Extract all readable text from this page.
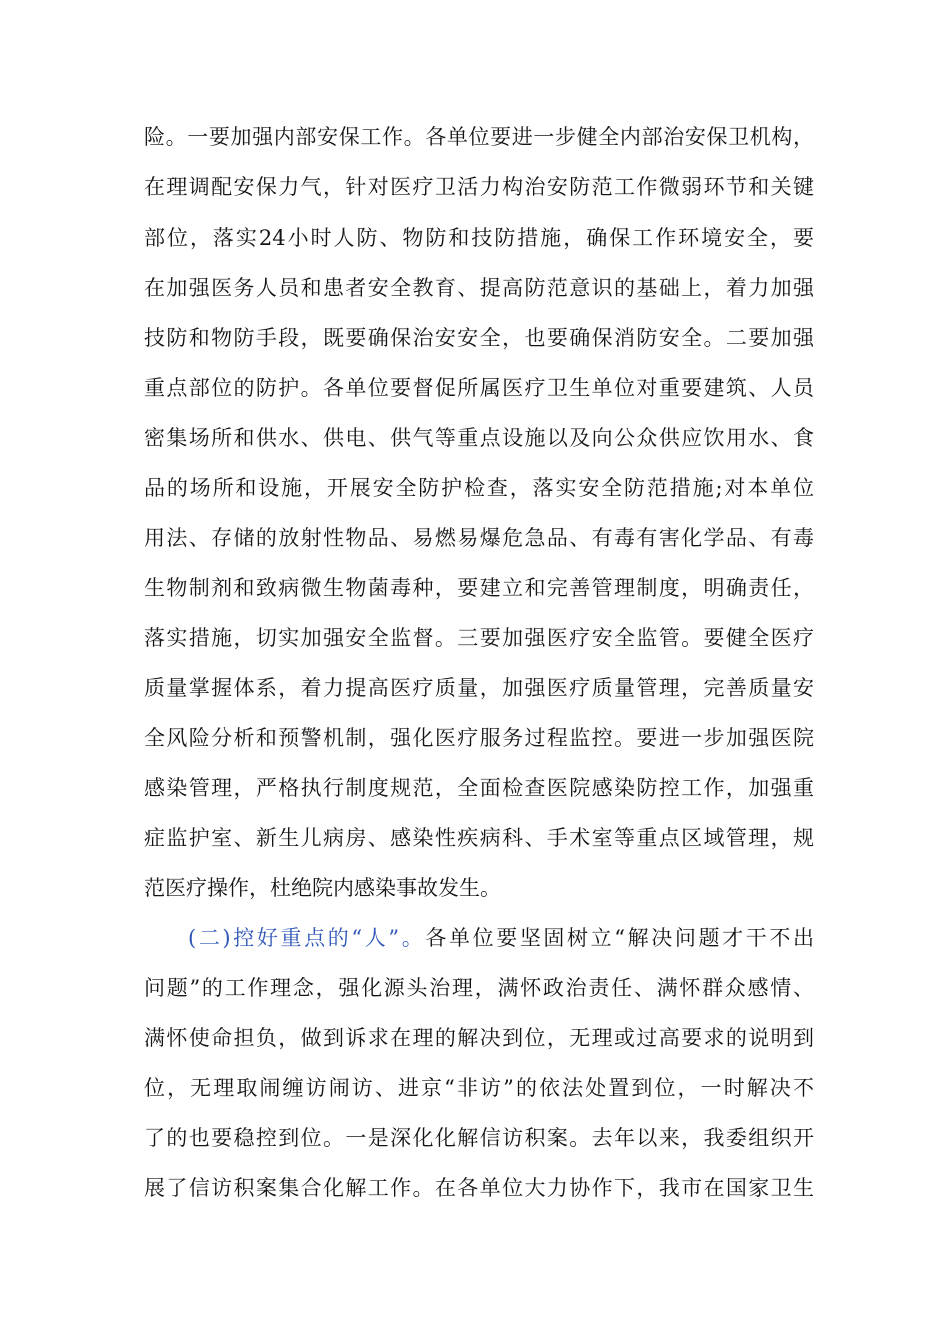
险。一要加强内部安保工作。各单位要进一步健全内部治安保卫机构，
在理调配安保力气，针对医疗卫活力构治安防范工作微弱环节和关键
部位，落实24小时人防、物防和技防措施，确保工作环境安全，要
在加强医务人员和患者安全教育、提高防范意识的基础上，着力加强
技防和物防手段，既要确保治安安全，也要确保消防安全。二要加强
重点部位的防护。各单位要督促所属医疗卫生单位对重要建筑、人员
密集场所和供水、供电、供气等重点设施以及向公众供应饮用水、食
品的场所和设施，开展安全防护检查，落实安全防范措施;对本单位
用法、存储的放射性物品、易燃易爆危急品、有毒有害化学品、有毒
生物制剂和致病微生物菌毒种，要建立和完善管理制度，明确责任，
落实措施，切实加强安全监督。三要加强医疗安全监管。要健全医疗
质量掌握体系，着力提高医疗质量，加强医疗质量管理，完善质量安
全风险分析和预警机制，强化医疗服务过程监控。要进一步加强医院
感染管理，严格执行制度规范，全面检查医院感染防控工作，加强重
症监护室、新生儿病房、感染性疾病科、手术室等重点区域管理，规
范医疗操作，杜绝院内感染事故发生。
(二)控好重点的“人”。各单位要坚固树立“解决问题才干不出
问题”的工作理念，强化源头治理，满怀政治责任、满怀群众感情、
满怀使命担负，做到诉求在理的解决到位，无理或过高要求的说明到
位，无理取闹缠访闹访、进京“非访”的依法处置到位，一时解决不
了的也要稳控到位。一是深化化解信访积案。去年以来，我委组织开
展了信访积案集合化解工作。在各单位大力协作下，我市在国家卫生
